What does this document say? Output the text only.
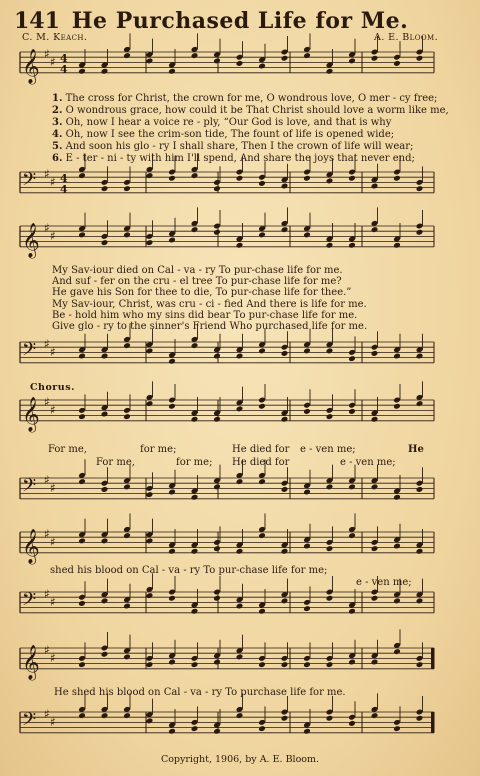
141 He Purchased Life for Me.
C. M. Keach.	A. E. Bloom.
𝄞 ♯
♯ 4
4
𝄢 ♯
♯ 4
4
1. The cross for Christ, the crown for me, O wondrous love, O mer - cy free;
2. O wondrous grace, how could it be That Christ should love a worm like me,
3. Oh, now I hear a voice re - ply, “Our God is love, and that is why
4. Oh, now I see the crim-son tide, The fount of life is opened wide;
5. And soon his glo - ry I shall share, Then I the crown of life will wear;
6. E - ter - ni - ty with him I'll spend, And share the joys that never end;
𝄞 ♯
♯
𝄢 ♯
♯
My Sav-iour died on Cal - va - ry To pur-chase life for me.
And suf - fer on the cru - el tree To pur-chase life for me?
He gave his Son for thee to die, To pur-chase life for thee.”
My Sav-iour, Christ, was cru - ci - fied And there is life for me.
Be - hold him who my sins did bear To pur-chase life for me.
Give glo - ry to the sinner's Friend Who purchased life for me.
Chorus.
𝄞 ♯
♯
𝄢 ♯
♯
For me,	for me;	He died for e - ven me;	He
For me,	for me; He died for	e - ven me;
𝄞 ♯
♯
𝄢 ♯
♯
shed his blood on Cal - va - ry To pur-chase life for me;
e - ven me;
𝄞 ♯
♯
𝄢 ♯
♯
He shed his blood on Cal - va - ry To purchase life for me.
Copyright, 1906, by A. E. Bloom.
